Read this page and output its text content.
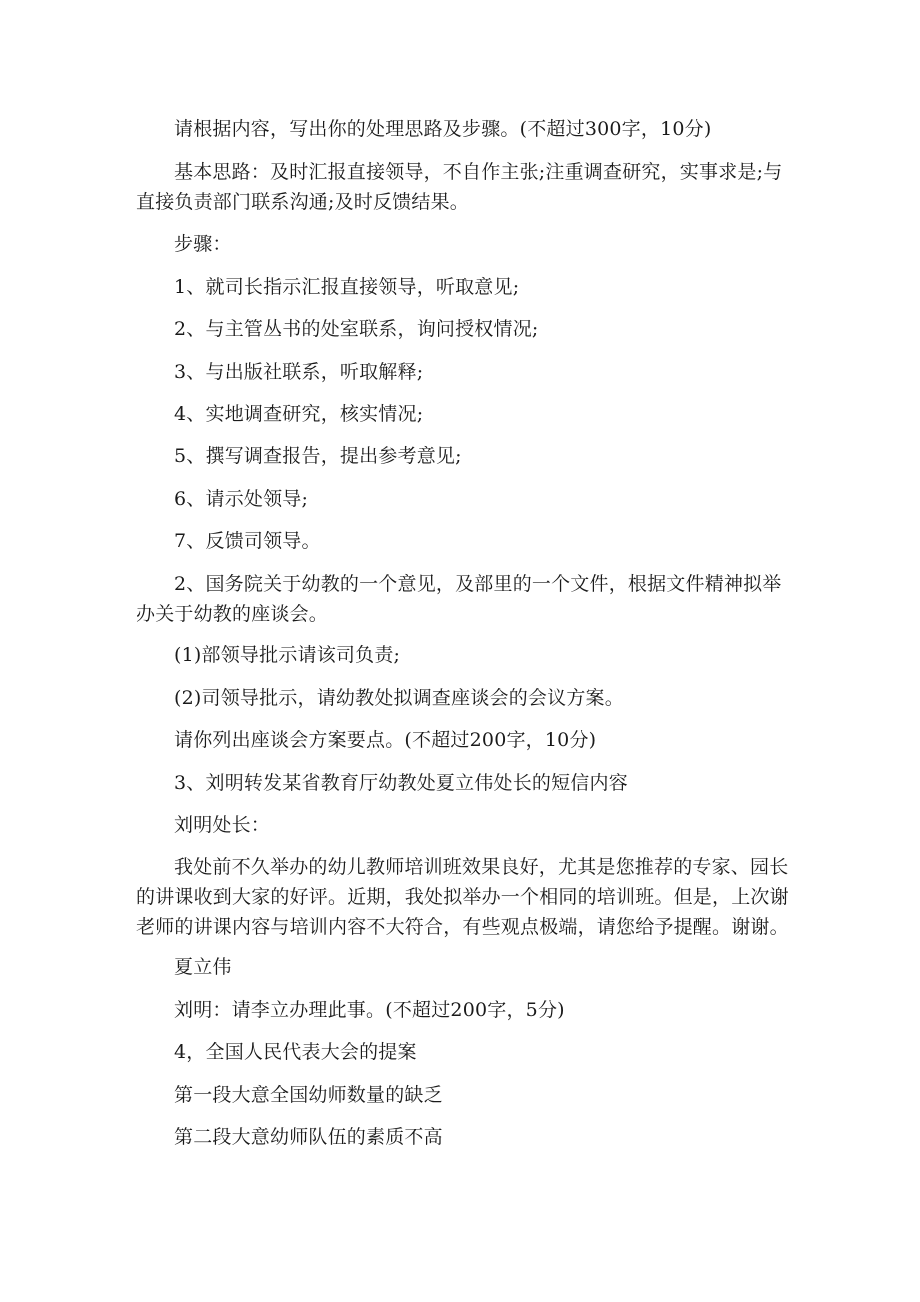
请根据内容，写出你的处理思路及步骤。(不超过300字，10分)

基本思路：及时汇报直接领导，不自作主张;注重调查研究，实事求是;与直接负责部门联系沟通;及时反馈结果。

步骤：

1、就司长指示汇报直接领导，听取意见;

2、与主管丛书的处室联系，询问授权情况;

3、与出版社联系，听取解释;

4、实地调查研究，核实情况;

5、撰写调查报告，提出参考意见;

6、请示处领导;

7、反馈司领导。

2、国务院关于幼教的一个意见，及部里的一个文件，根据文件精神拟举办关于幼教的座谈会。

(1)部领导批示请该司负责;

(2)司领导批示，请幼教处拟调查座谈会的会议方案。

请你列出座谈会方案要点。(不超过200字，10分)

3、刘明转发某省教育厅幼教处夏立伟处长的短信内容

刘明处长：

我处前不久举办的幼儿教师培训班效果良好，尤其是您推荐的专家、园长的讲课收到大家的好评。近期，我处拟举办一个相同的培训班。但是，上次谢老师的讲课内容与培训内容不大符合，有些观点极端，请您给予提醒。谢谢。

夏立伟

刘明：请李立办理此事。(不超过200字，5分)

4，全国人民代表大会的提案

第一段大意全国幼师数量的缺乏

第二段大意幼师队伍的素质不高
